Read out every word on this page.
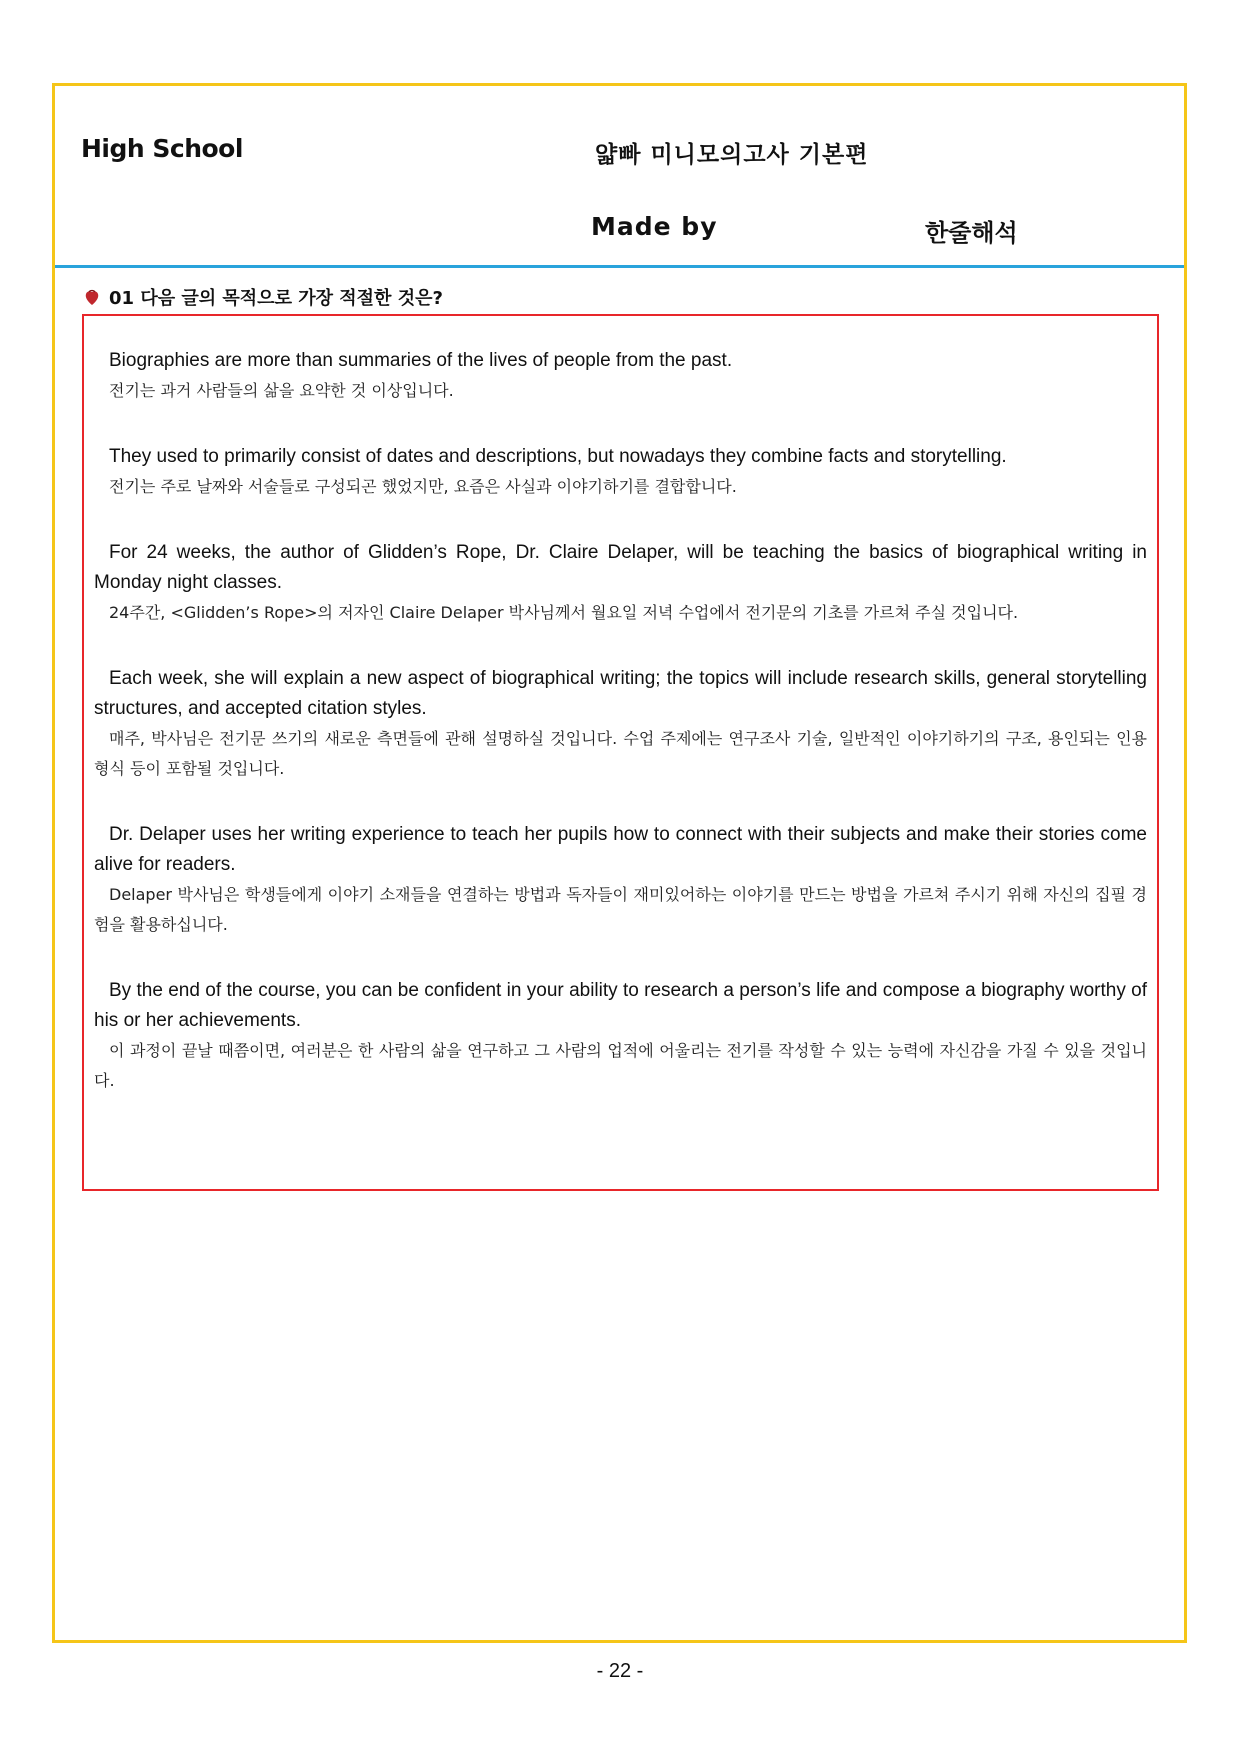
High School	얇빠 미니모의고사 기본편
Made by	한줄해석
01 다음 글의 목적으로 가장 적절한 것은?
Biographies are more than summaries of the lives of people from the past.
전기는 과거 사람들의 삶을 요약한 것 이상입니다.
They used to primarily consist of dates and descriptions, but nowadays they combine facts and storytelling.
전기는 주로 날짜와 서술들로 구성되곤 했었지만, 요즘은 사실과 이야기하기를 결합합니다.
For 24 weeks, the author of Glidden’s Rope, Dr. Claire Delaper, will be teaching the basics of biographical writing in Monday night classes.
24주간, <Glidden’s Rope>의 저자인 Claire Delaper 박사님께서 월요일 저녁 수업에서 전기문의 기초를 가르쳐 주실 것입니다.
Each week, she will explain a new aspect of biographical writing; the topics will include research skills, general storytelling structures, and accepted citation styles.
매주, 박사님은 전기문 쓰기의 새로운 측면들에 관해 설명하실 것입니다. 수업 주제에는 연구조사 기술, 일반적인 이야기하기의 구조, 용인되는 인용 형식 등이 포함될 것입니다.
Dr. Delaper uses her writing experience to teach her pupils how to connect with their subjects and make their stories come alive for readers.
Delaper 박사님은 학생들에게 이야기 소재들을 연결하는 방법과 독자들이 재미있어하는 이야기를 만드는 방법을 가르쳐 주시기 위해 자신의 집필 경험을 활용하십니다.
By the end of the course, you can be confident in your ability to research a person’s life and compose a biography worthy of his or her achievements.
이 과정이 끝날 때쯤이면, 여러분은 한 사람의 삶을 연구하고 그 사람의 업적에 어울리는 전기를 작성할 수 있는 능력에 자신감을 가질 수 있을 것입니다.
- 22 -
